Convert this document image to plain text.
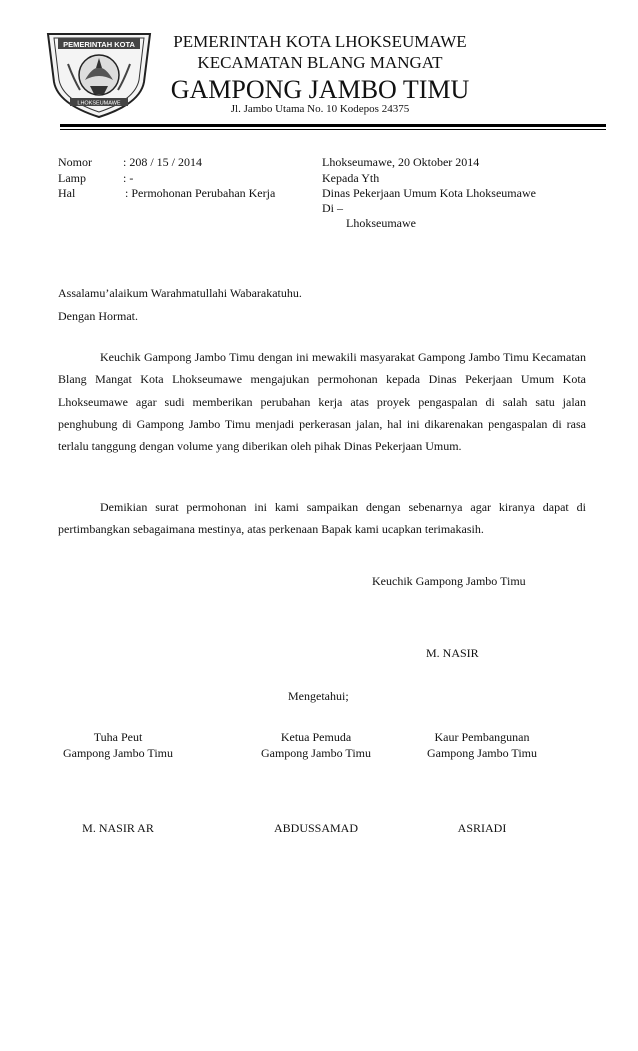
PEMERINTAH KOTA
LHOKSEUMAWE
PEMERINTAH KOTA LHOKSEUMAWE
KECAMATAN BLANG MANGAT
GAMPONG JAMBO TIMU
Jl. Jambo Utama No. 10 Kodepos 24375
Nomor	: 208 / 15 / 2014
Lamp	: -
Hal	: Permohonan Perubahan Kerja
Lhokseumawe, 20 Oktober 2014
Kepada Yth
Dinas Pekerjaan Umum Kota Lhokseumawe
Di –
Lhokseumawe
Assalamu’alaikum Warahmatullahi Wabarakatuhu.
Dengan Hormat.
Keuchik Gampong Jambo Timu dengan ini mewakili masyarakat Gampong Jambo Timu Kecamatan Blang Mangat Kota Lhokseumawe mengajukan permohonan kepada Dinas Pekerjaan Umum Kota Lhokseumawe agar sudi memberikan perubahan kerja atas proyek pengaspalan di salah satu jalan penghubung di Gampong Jambo Timu menjadi perkerasan jalan, hal ini dikarenakan pengaspalan di rasa terlalu tanggung dengan volume yang diberikan oleh pihak Dinas Pekerjaan Umum.
Demikian surat permohonan ini kami sampaikan dengan sebenarnya agar kiranya dapat di pertimbangkan sebagaimana mestinya, atas perkenaan Bapak kami ucapkan terimakasih.
Keuchik Gampong Jambo Timu
M. NASIR
Mengetahui;
Tuha Peut
Gampong Jambo Timu
M. NASIR AR
Ketua Pemuda
Gampong Jambo Timu
ABDUSSAMAD
Kaur Pembangunan
Gampong Jambo Timu
ASRIADI
